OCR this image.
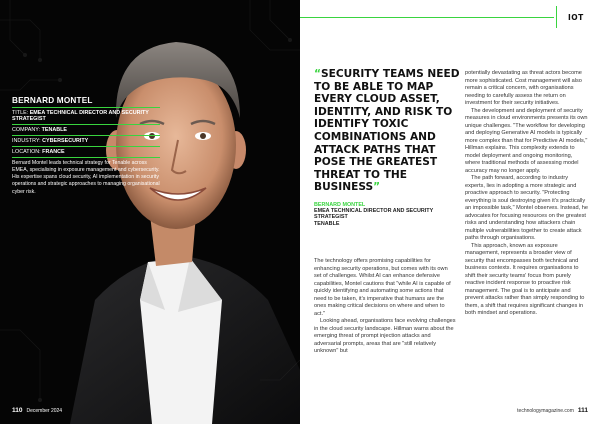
BERNARD MONTEL
TITLE: EMEA TECHNICAL DIRECTOR AND SECURITY STRATEGIST
COMPANY: TENABLE
INDUSTRY: CYBERSECURITY
LOCATION: FRANCE
Bernard Montel leads technical strategy for Tenable across EMEA, specialising in exposure management and cybersecurity. His expertise spans cloud security, AI implementation in security operations and strategic approaches to managing organisational cyber risk.
110 December 2024
IOT
“SECURITY TEAMS NEED TO BE ABLE TO MAP EVERY CLOUD ASSET, IDENTITY, AND RISK TO IDENTIFY TOXIC COMBINATIONS AND ATTACK PATHS THAT POSE THE GREATEST THREAT TO THE BUSINESS”
BERNARD MONTEL
EMEA TECHNICAL DIRECTOR AND SECURITY STRATEGIST
TENABLE

The technology offers promising capabilities for enhancing security operations, but comes with its own set of challenges. Whilst AI can enhance defensive capabilities, Montel cautions that "while AI is capable of quickly identifying and automating some actions that need to be taken, it's imperative that humans are the ones making critical decisions on where and when to act."

Looking ahead, organisations face evolving challenges in the cloud security landscape. Hillman warns about the emerging threat of prompt injection attacks and adversarial prompts, areas that are "still relatively unknown" but

potentially devastating as threat actors become more sophisticated. Cost management will also remain a critical concern, with organisations needing to carefully assess the return on investment for their security initiatives.

The development and deployment of security measures in cloud environments presents its own unique challenges. "The workflow for developing and deploying Generative AI models is typically more complex than that for Predictive AI models," Hillman explains. This complexity extends to model deployment and ongoing monitoring, where traditional methods of assessing model accuracy may no longer apply.

The path forward, according to industry experts, lies in adopting a more strategic and proactive approach to security. "Protecting everything is soul destroying given it's practically an impossible task," Montel observes. Instead, he advocates for focusing resources on the greatest risks and understanding how attackers chain multiple vulnerabilities together to create attack paths through organisations.

This approach, known as exposure management, represents a broader view of security that encompasses both technical and business contexts. It requires organisations to shift their security teams' focus from purely reactive incident response to proactive risk management. The goal is to anticipate and prevent attacks rather than simply responding to them, a shift that requires significant changes in both mindset and operations.

technologymagazine.com 111
